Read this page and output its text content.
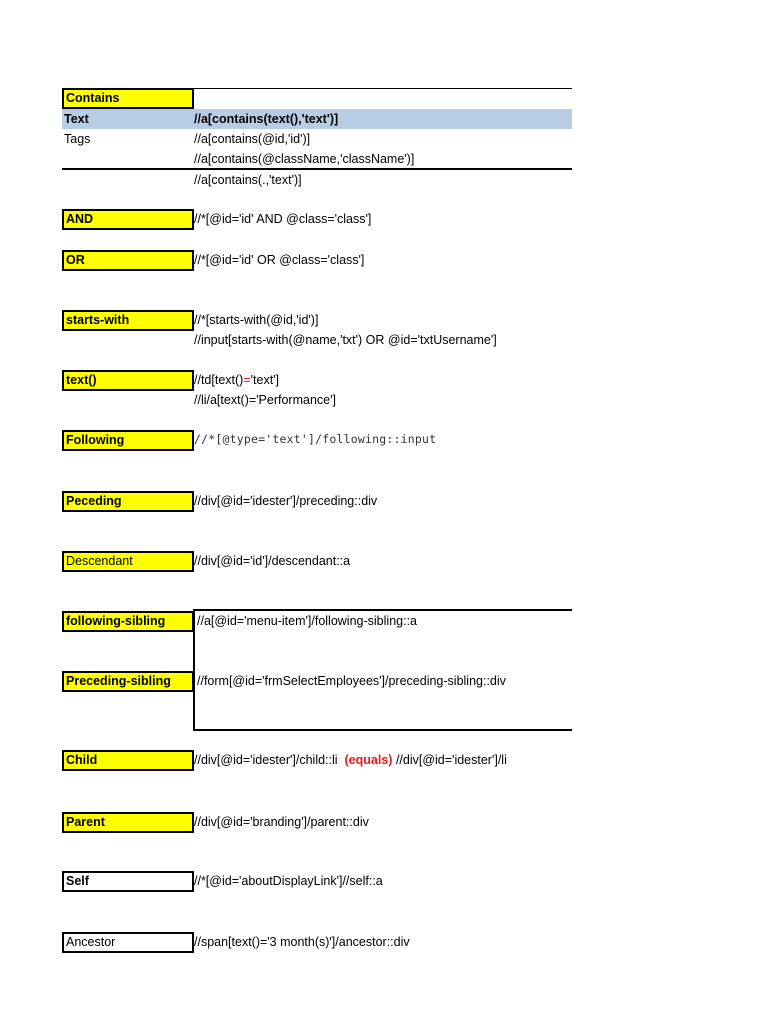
Contains
Text	//a[contains(text(),'text')]
Tags	//a[contains(@id,'id')]
//a[contains(@className,'className')]
//a[contains(.,'text')]
AND	//*[@id='id' AND @class='class']
OR	//*[@id='id' OR @class='class']
starts-with	//*[starts-with(@id,'id')]
//input[starts-with(@name,'txt') OR @id='txtUsername']
text()	//td[text()='text']
//li/a[text()='Performance']
Following	//*[@type='text']/following::input
Peceding	//div[@id='idester']/preceding::div
Descendant	//div[@id='id']/descendant::a
following-sibling	//a[@id='menu-item']/following-sibling::a
Preceding-sibling	//form[@id='frmSelectEmployees']/preceding-sibling::div
Child	//div[@id='idester']/child::li (equals) //div[@id='idester']/li
Parent	//div[@id='branding']/parent::div
Self	//*[@id='aboutDisplayLink']//self::a
Ancestor	//span[text()='3 month(s)']/ancestor::div
